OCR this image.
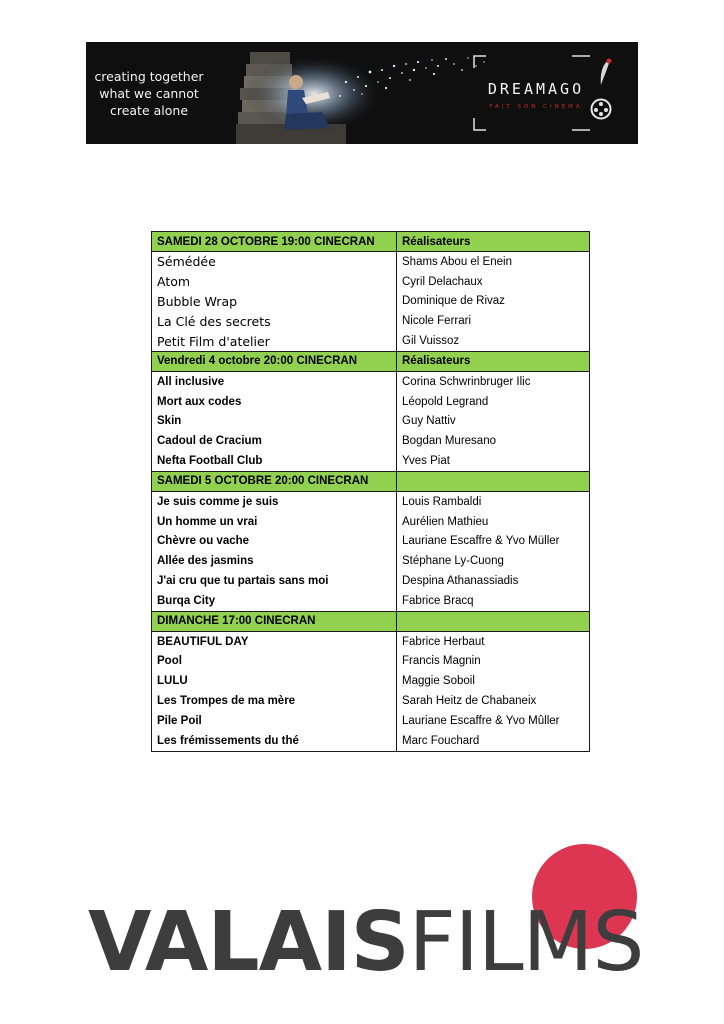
creating together
what we cannot
create alone
DREAMAGO
FAIT SON CINEMA
SAMEDI 28 OCTOBRE 19:00 CINECRAN	Réalisateurs
Sémédée	Shams Abou el Enein
Atom	Cyril Delachaux
Bubble Wrap	Dominique de Rivaz
La Clé des secrets	Nicole Ferrari
Petit Film d'atelier	Gil Vuissoz
Vendredi 4 octobre 20:00 CINECRAN	Réalisateurs
All inclusive	Corina Schwrinbruger Ilic
Mort aux codes	Léopold Legrand
Skin	Guy Nattiv
Cadoul de Cracium	Bogdan Muresano
Nefta Football Club	Yves Piat
SAMEDI 5 OCTOBRE 20:00 CINECRAN	
Je suis comme je suis	Louis Rambaldi
Un homme un vrai	Aurélien Mathieu
Chèvre ou vache	Lauriane Escaffre & Yvo Müller
Allée des jasmins	Stéphane Ly-Cuong
J'ai cru que tu partais sans moi	Despina Athanassiadis
Burqa City	Fabrice Bracq
DIMANCHE 17:00 CINECRAN	
BEAUTIFUL DAY	Fabrice Herbaut
Pool	Francis Magnin
LULU	Maggie Soboil
Les Trompes de ma mère	Sarah Heitz de Chabaneix
Pile Poil	Lauriane Escaffre & Yvo Mûller
Les frémissements du thé	Marc Fouchard
VALAISFILMS
